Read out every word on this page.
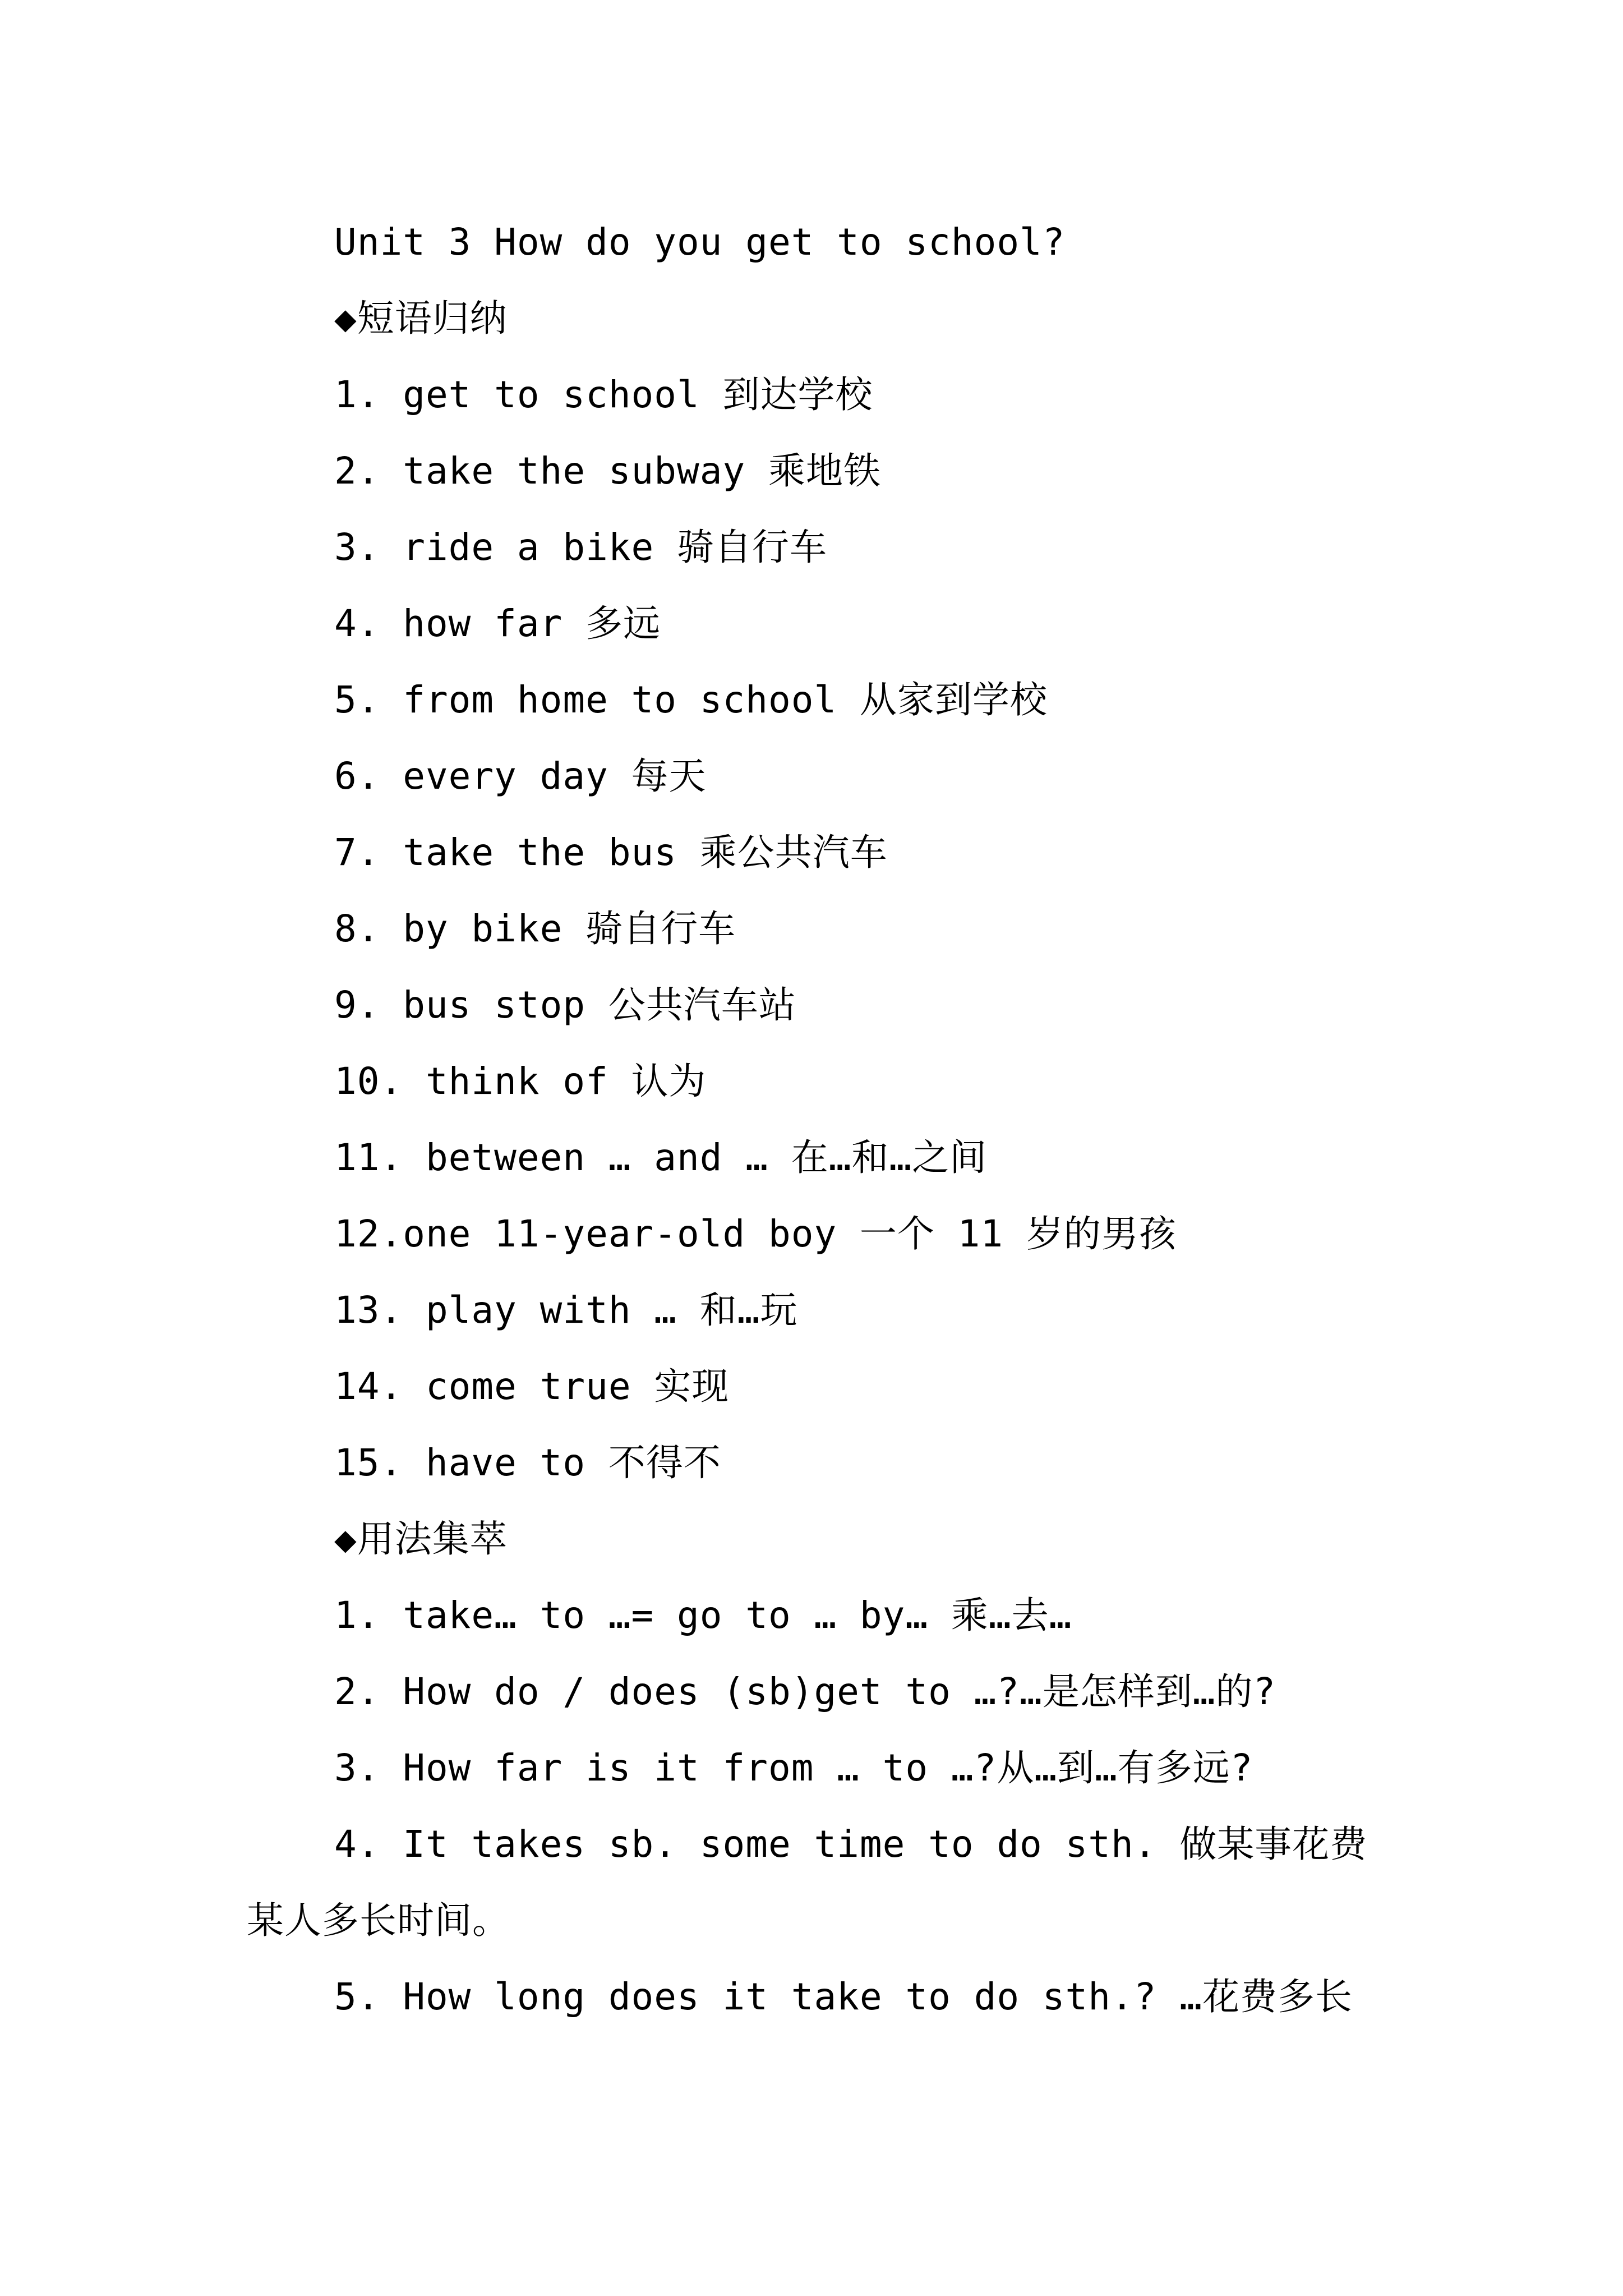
Unit 3 How do you get to school?
◆短语归纳
1. get to school 到达学校
2. take the subway 乘地铁
3. ride a bike 骑自行车
4. how far 多远
5. from home to school 从家到学校
6. every day 每天
7. take the bus 乘公共汽车
8. by bike 骑自行车
9. bus stop 公共汽车站
10. think of 认为
11. between … and … 在…和…之间
12.one 11-year-old boy 一个 11 岁的男孩
13. play with … 和…玩
14. come true 实现
15. have to 不得不
◆用法集萃
1. take… to …= go to … by… 乘…去…
2. How do / does (sb)get to …?…是怎样到…的?
3. How far is it from … to …?从…到…有多远?
4. It takes sb. some time to do sth. 做某事花费
某人多长时间。
5. How long does it take to do sth.? …花费多长
